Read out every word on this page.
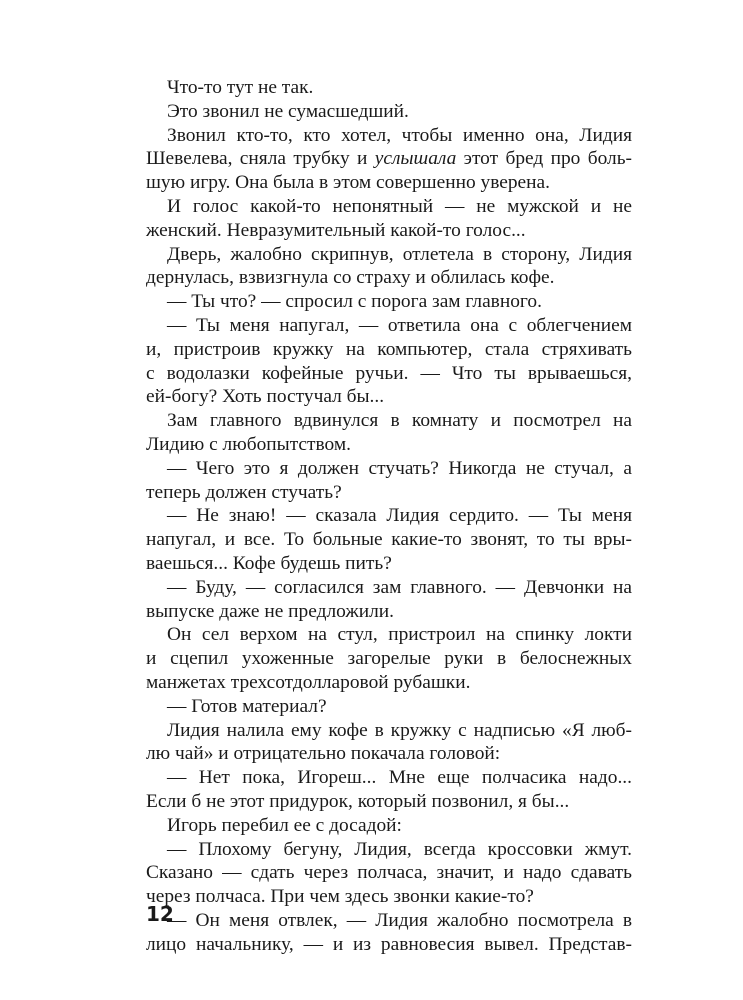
Что-то тут не так.
Это звонил не сумасшедший.
Звонил кто-то, кто хотел, чтобы именно она, Лидия
Шевелева, сняла трубку и услышала этот бред про боль-
шую игру. Она была в этом совершенно уверена.
И голос какой-то непонятный — не мужской и не
женский. Невразумительный какой-то голос...
Дверь, жалобно скрипнув, отлетела в сторону, Лидия
дернулась, взвизгнула со страху и облилась кофе.
— Ты что? — спросил с порога зам главного.
— Ты меня напугал, — ответила она с облегчением
и, пристроив кружку на компьютер, стала стряхивать
с водолазки кофейные ручьи. — Что ты врываешься,
ей-богу? Хоть постучал бы...
Зам главного вдвинулся в комнату и посмотрел на
Лидию с любопытством.
— Чего это я должен стучать? Никогда не стучал, а
теперь должен стучать?
— Не знаю! — сказала Лидия сердито. — Ты меня
напугал, и все. То больные какие-то звонят, то ты вры-
ваешься... Кофе будешь пить?
— Буду, — согласился зам главного. — Девчонки на
выпуске даже не предложили.
Он сел верхом на стул, пристроил на спинку локти
и сцепил ухоженные загорелые руки в белоснежных
манжетах трехсотдолларовой рубашки.
— Готов материал?
Лидия налила ему кофе в кружку с надписью «Я люб-
лю чай» и отрицательно покачала головой:
— Нет пока, Игореш... Мне еще полчасика надо...
Если б не этот придурок, который позвонил, я бы...
Игорь перебил ее с досадой:
— Плохому бегуну, Лидия, всегда кроссовки жмут.
Сказано — сдать через полчаса, значит, и надо сдавать
через полчаса. При чем здесь звонки какие-то?
— Он меня отвлек, — Лидия жалобно посмотрела в
лицо начальнику, — и из равновесия вывел. Представ-
12
